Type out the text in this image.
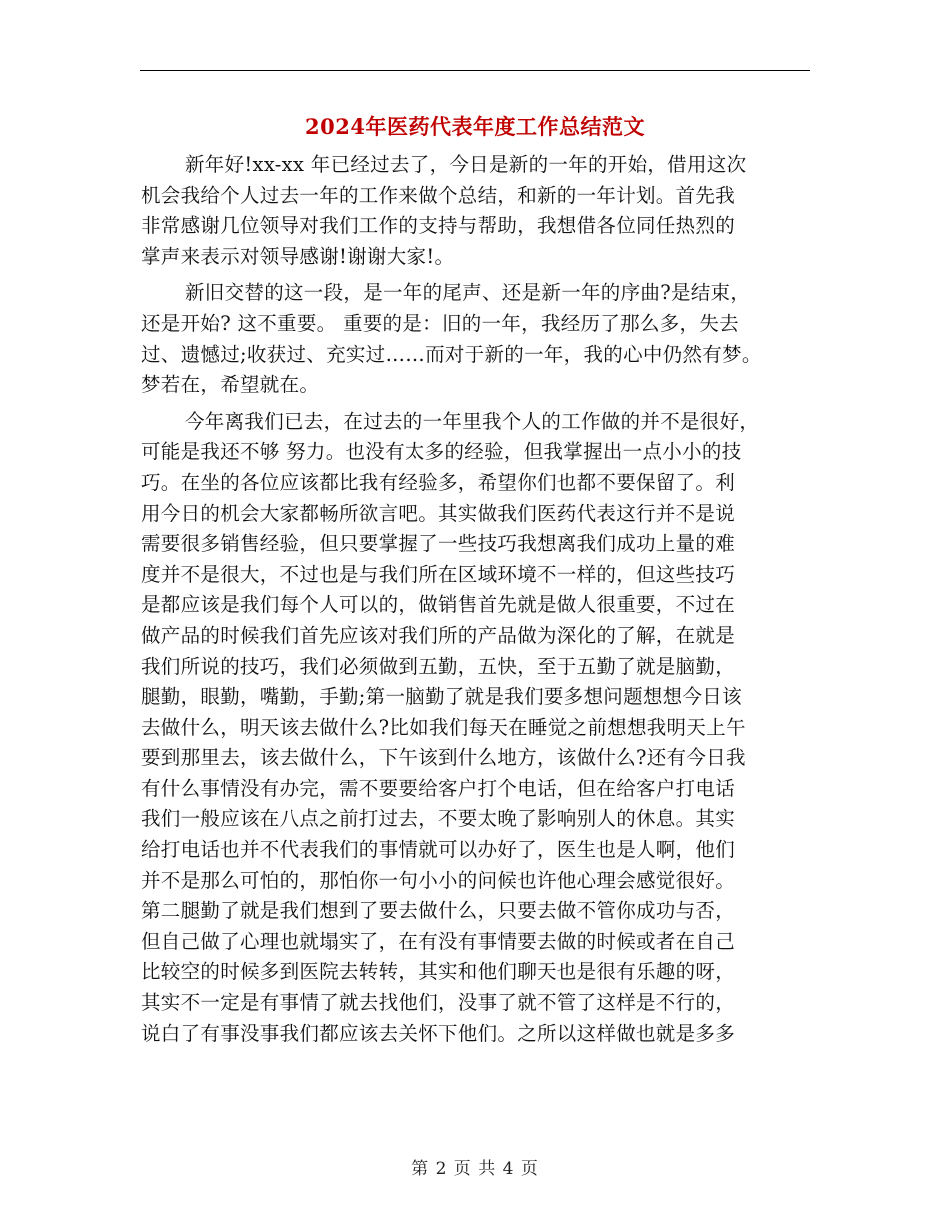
2024年医药代表年度工作总结范文
新年好!xx-xx 年已经过去了，今日是新的一年的开始，借用这次
机会我给个人过去一年的工作来做个总结，和新的一年计划。首先我
非常感谢几位领导对我们工作的支持与帮助，我想借各位同任热烈的
掌声来表示对领导感谢!谢谢大家!。
新旧交替的这一段，是一年的尾声、还是新一年的序曲?是结束，
还是开始? 这不重要。 重要的是：旧的一年，我经历了那么多，失去
过、遗憾过;收获过、充实过……而对于新的一年，我的心中仍然有梦。
梦若在，希望就在。
今年离我们已去，在过去的一年里我个人的工作做的并不是很好，
可能是我还不够 努力。也没有太多的经验，但我掌握出一点小小的技
巧。在坐的各位应该都比我有经验多，希望你们也都不要保留了。利
用今日的机会大家都畅所欲言吧。其实做我们医药代表这行并不是说
需要很多销售经验，但只要掌握了一些技巧我想离我们成功上量的难
度并不是很大，不过也是与我们所在区域环境不一样的，但这些技巧
是都应该是我们每个人可以的，做销售首先就是做人很重要，不过在
做产品的时候我们首先应该对我们所的产品做为深化的了解，在就是
我们所说的技巧，我们必须做到五勤，五快，至于五勤了就是脑勤，
腿勤，眼勤，嘴勤，手勤;第一脑勤了就是我们要多想问题想想今日该
去做什么，明天该去做什么?比如我们每天在睡觉之前想想我明天上午
要到那里去，该去做什么，下午该到什么地方，该做什么?还有今日我
有什么事情没有办完，需不要要给客户打个电话，但在给客户打电话
我们一般应该在八点之前打过去，不要太晚了影响别人的休息。其实
给打电话也并不代表我们的事情就可以办好了，医生也是人啊，他们
并不是那么可怕的，那怕你一句小小的问候也许他心理会感觉很好。
第二腿勤了就是我们想到了要去做什么，只要去做不管你成功与否，
但自己做了心理也就塌实了，在有没有事情要去做的时候或者在自己
比较空的时候多到医院去转转，其实和他们聊天也是很有乐趣的呀，
其实不一定是有事情了就去找他们，没事了就不管了这样是不行的，
说白了有事没事我们都应该去关怀下他们。之所以这样做也就是多多
第 2 页 共 4 页
